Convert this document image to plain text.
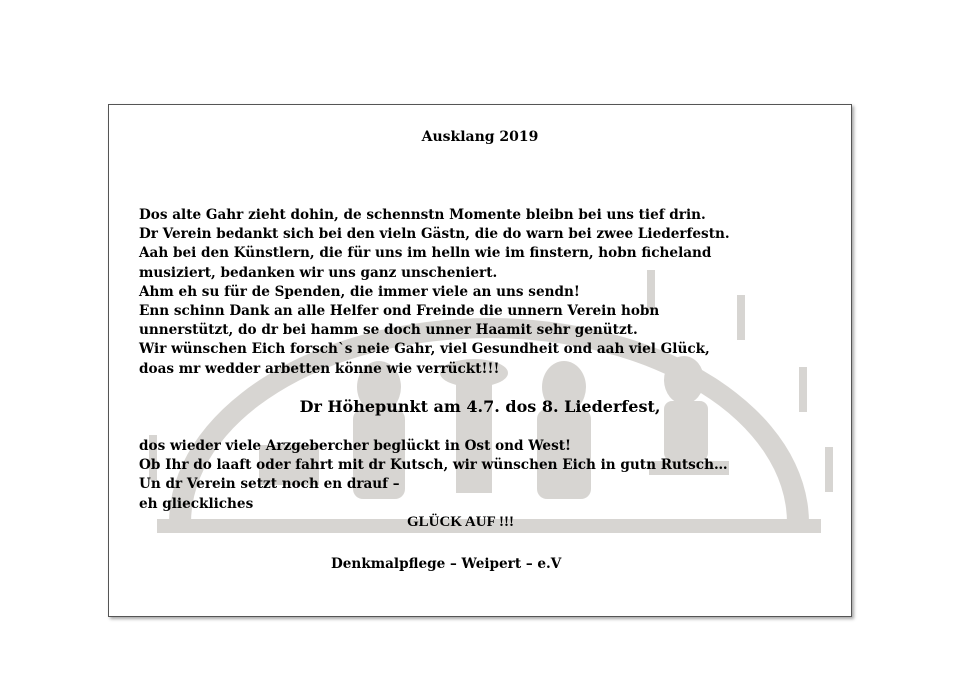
Ausklang 2019
Dos alte Gahr zieht dohin, de schennstn Momente bleibn bei uns tief drin.
Dr Verein bedankt sich bei den vieln Gästn, die do warn bei zwee Liederfestn.
Aah bei den Künstlern, die für uns im helln wie im finstern, hobn ficheland
musiziert, bedanken wir uns ganz unscheniert.
Ahm eh su für de Spenden, die immer viele an uns sendn!
Enn schinn Dank an alle Helfer ond Freinde die unnern Verein hobn
unnerstützt, do dr bei hamm se doch unner Haamit sehr genützt.
Wir wünschen Eich forsch`s neie Gahr, viel Gesundheit ond aah viel Glück,
doas mr wedder arbetten könne wie verrückt!!!
Dr Höhepunkt am 4.7. dos 8. Liederfest,
dos wieder viele Arzgebercher beglückt in Ost ond West!
Ob Ihr do laaft oder fahrt mit dr Kutsch, wir wünschen Eich in gutn Rutsch…
Un dr Verein setzt noch en drauf –
eh glieckliches
GLÜCK AUF !!!
Denkmalpflege – Weipert – e.V
